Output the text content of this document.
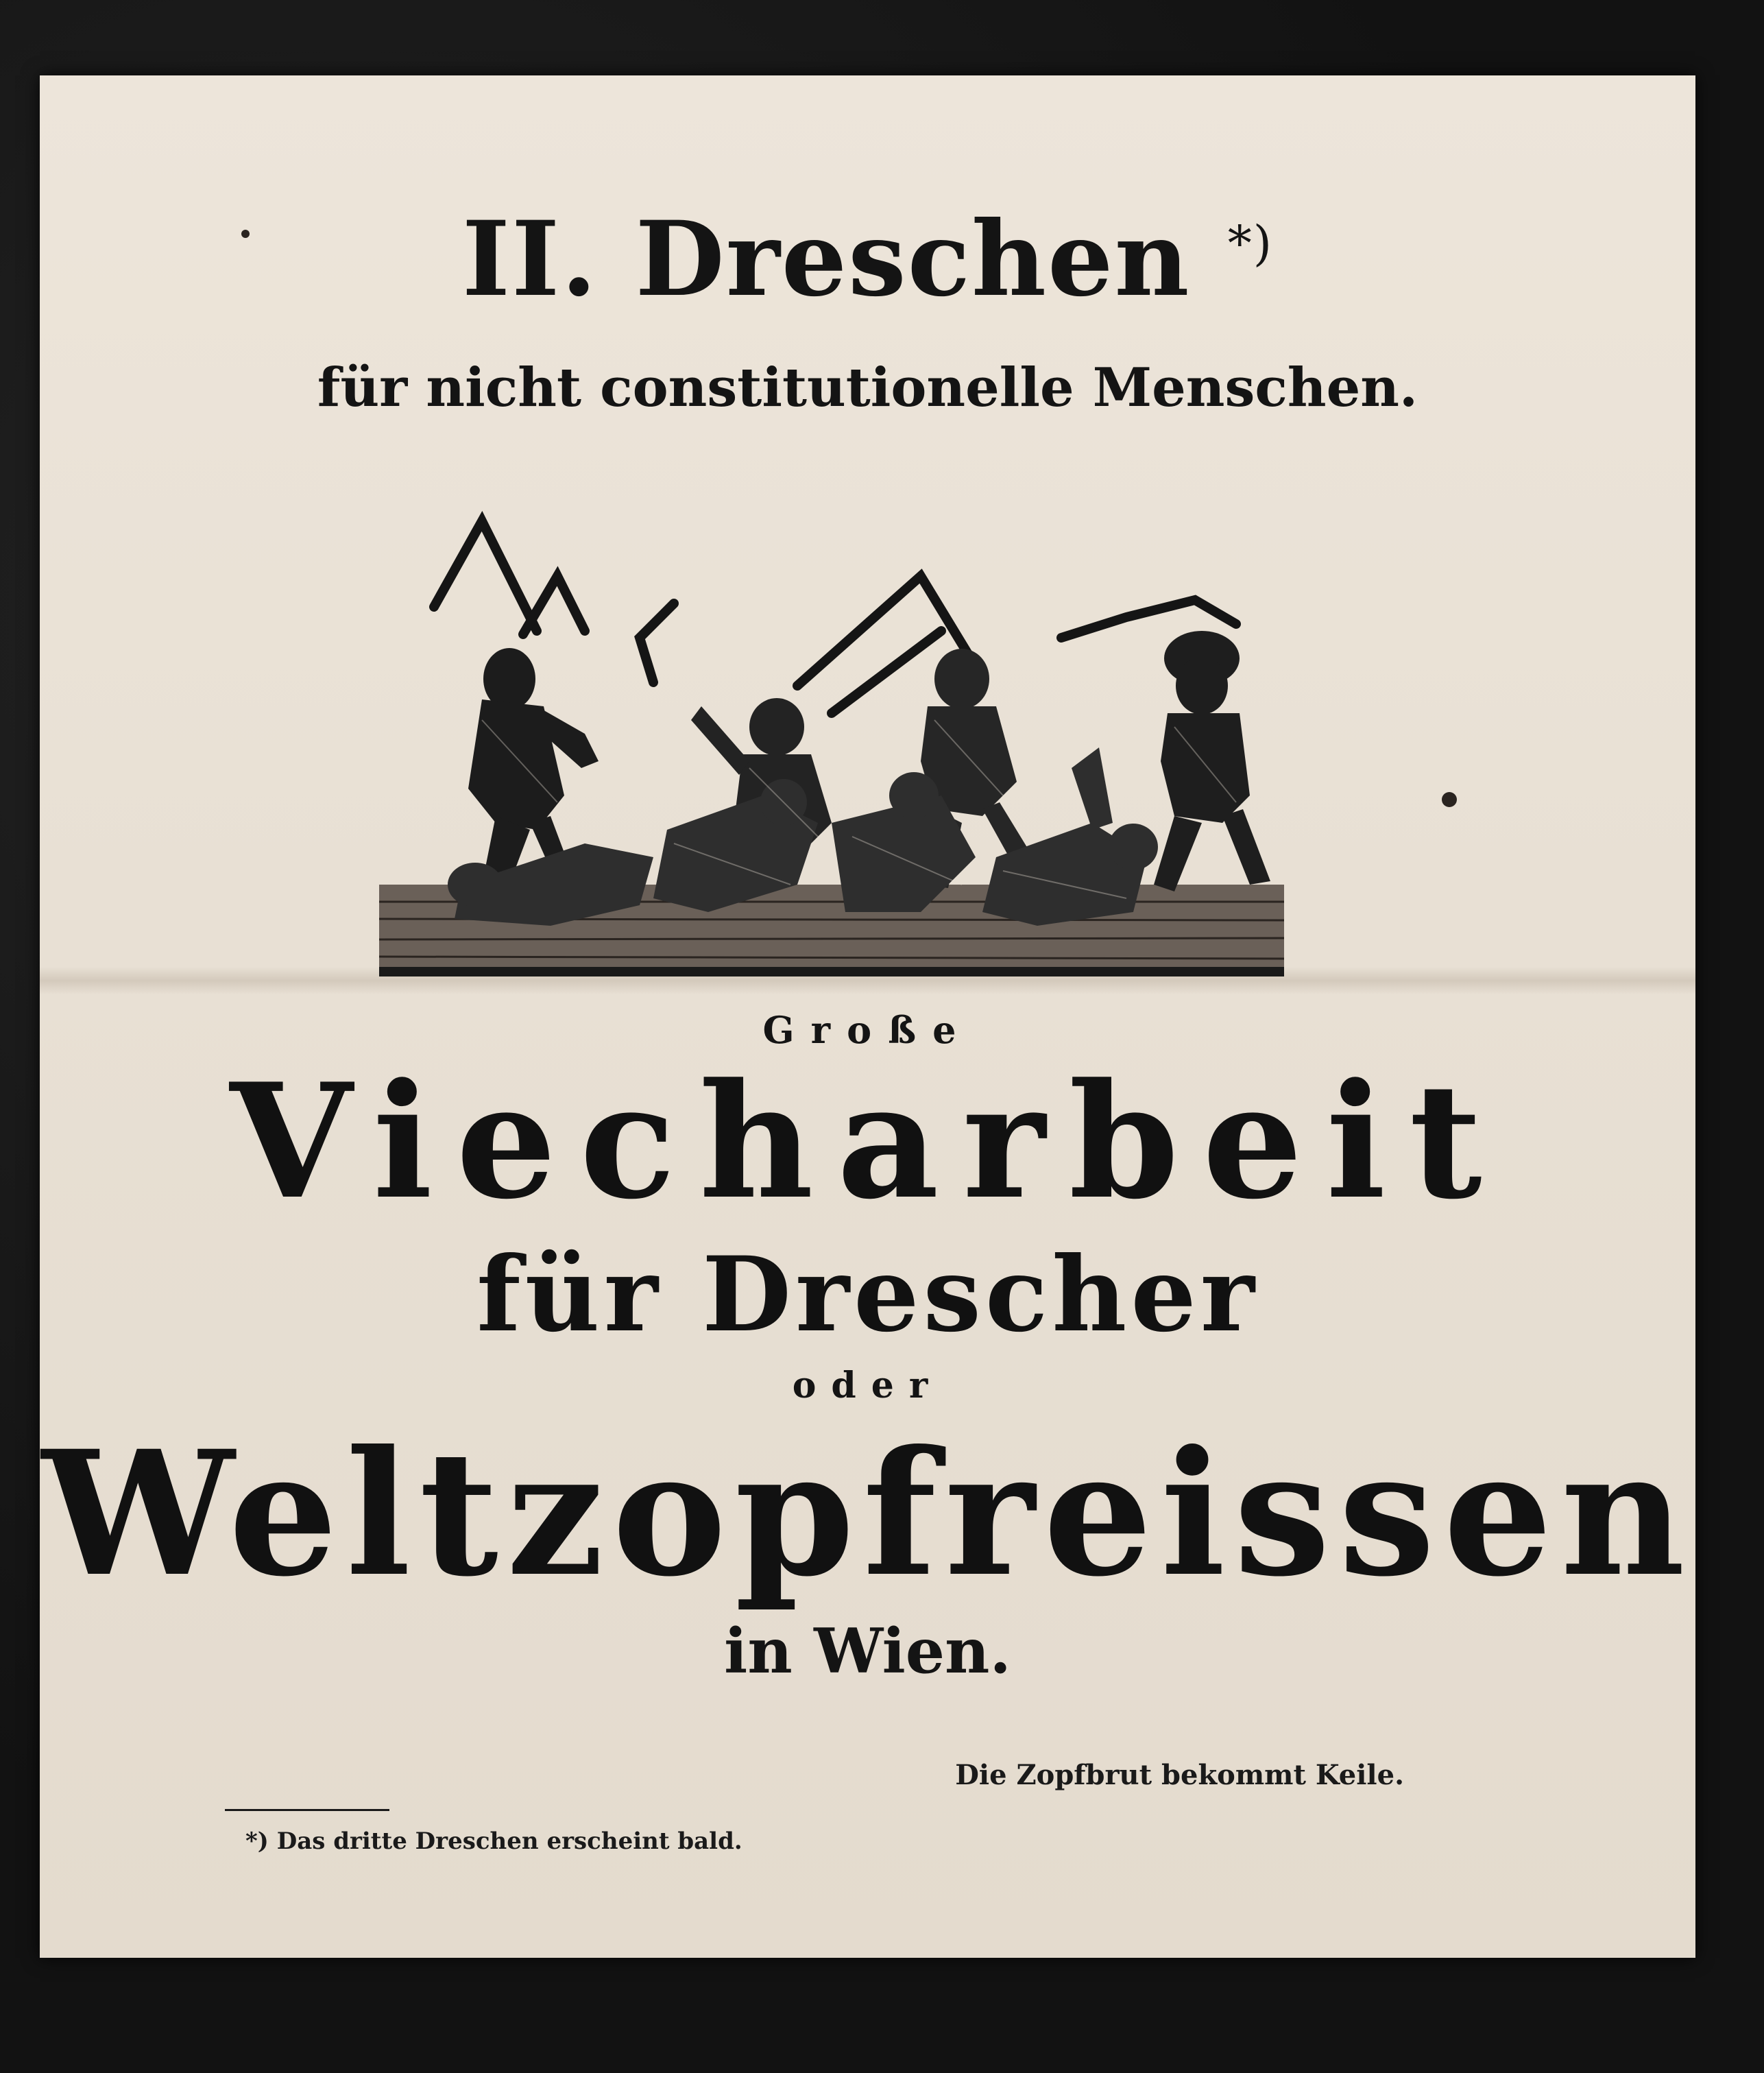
II. Dreschen *)
für nicht constitutionelle Menschen.
Große
Viecharbeit
für Drescher
oder
Weltzopfreissen
in Wien.
Die Zopfbrut bekommt Keile.
*) Das dritte Dreschen erscheint bald.
